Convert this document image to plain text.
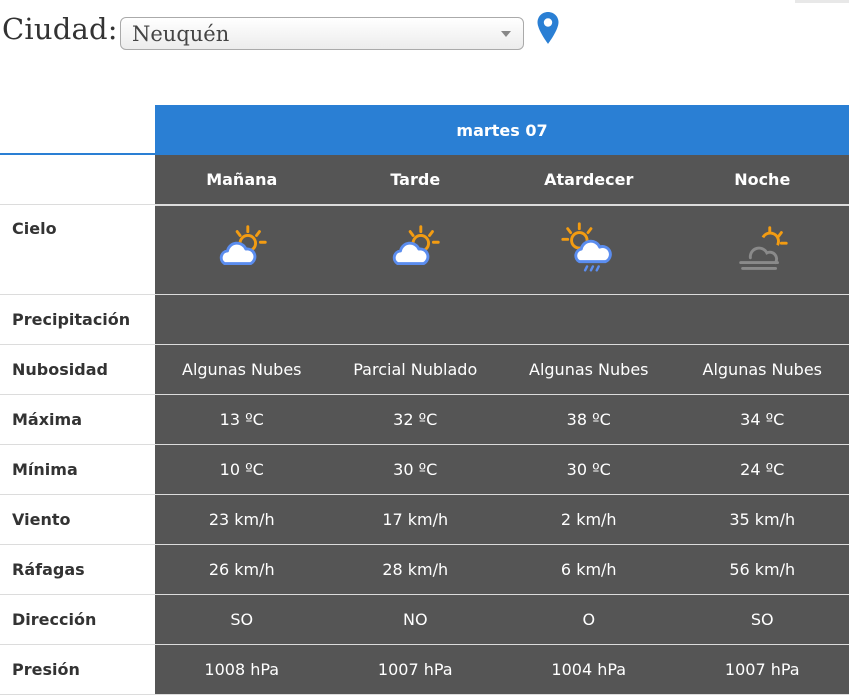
Ciudad: Neuquén
martes 07
Mañana	Tarde	Atardecer	Noche
Cielo
Precipitación
Nubosidad	Algunas Nubes	Parcial Nublado	Algunas Nubes	Algunas Nubes
Máxima	13 ºC	32 ºC	38 ºC	34 ºC
Mínima	10 ºC	30 ºC	30 ºC	24 ºC
Viento	23 km/h	17 km/h	2 km/h	35 km/h
Ráfagas	26 km/h	28 km/h	6 km/h	56 km/h
Dirección	SO	NO	O	SO
Presión	1008 hPa	1007 hPa	1004 hPa	1007 hPa
